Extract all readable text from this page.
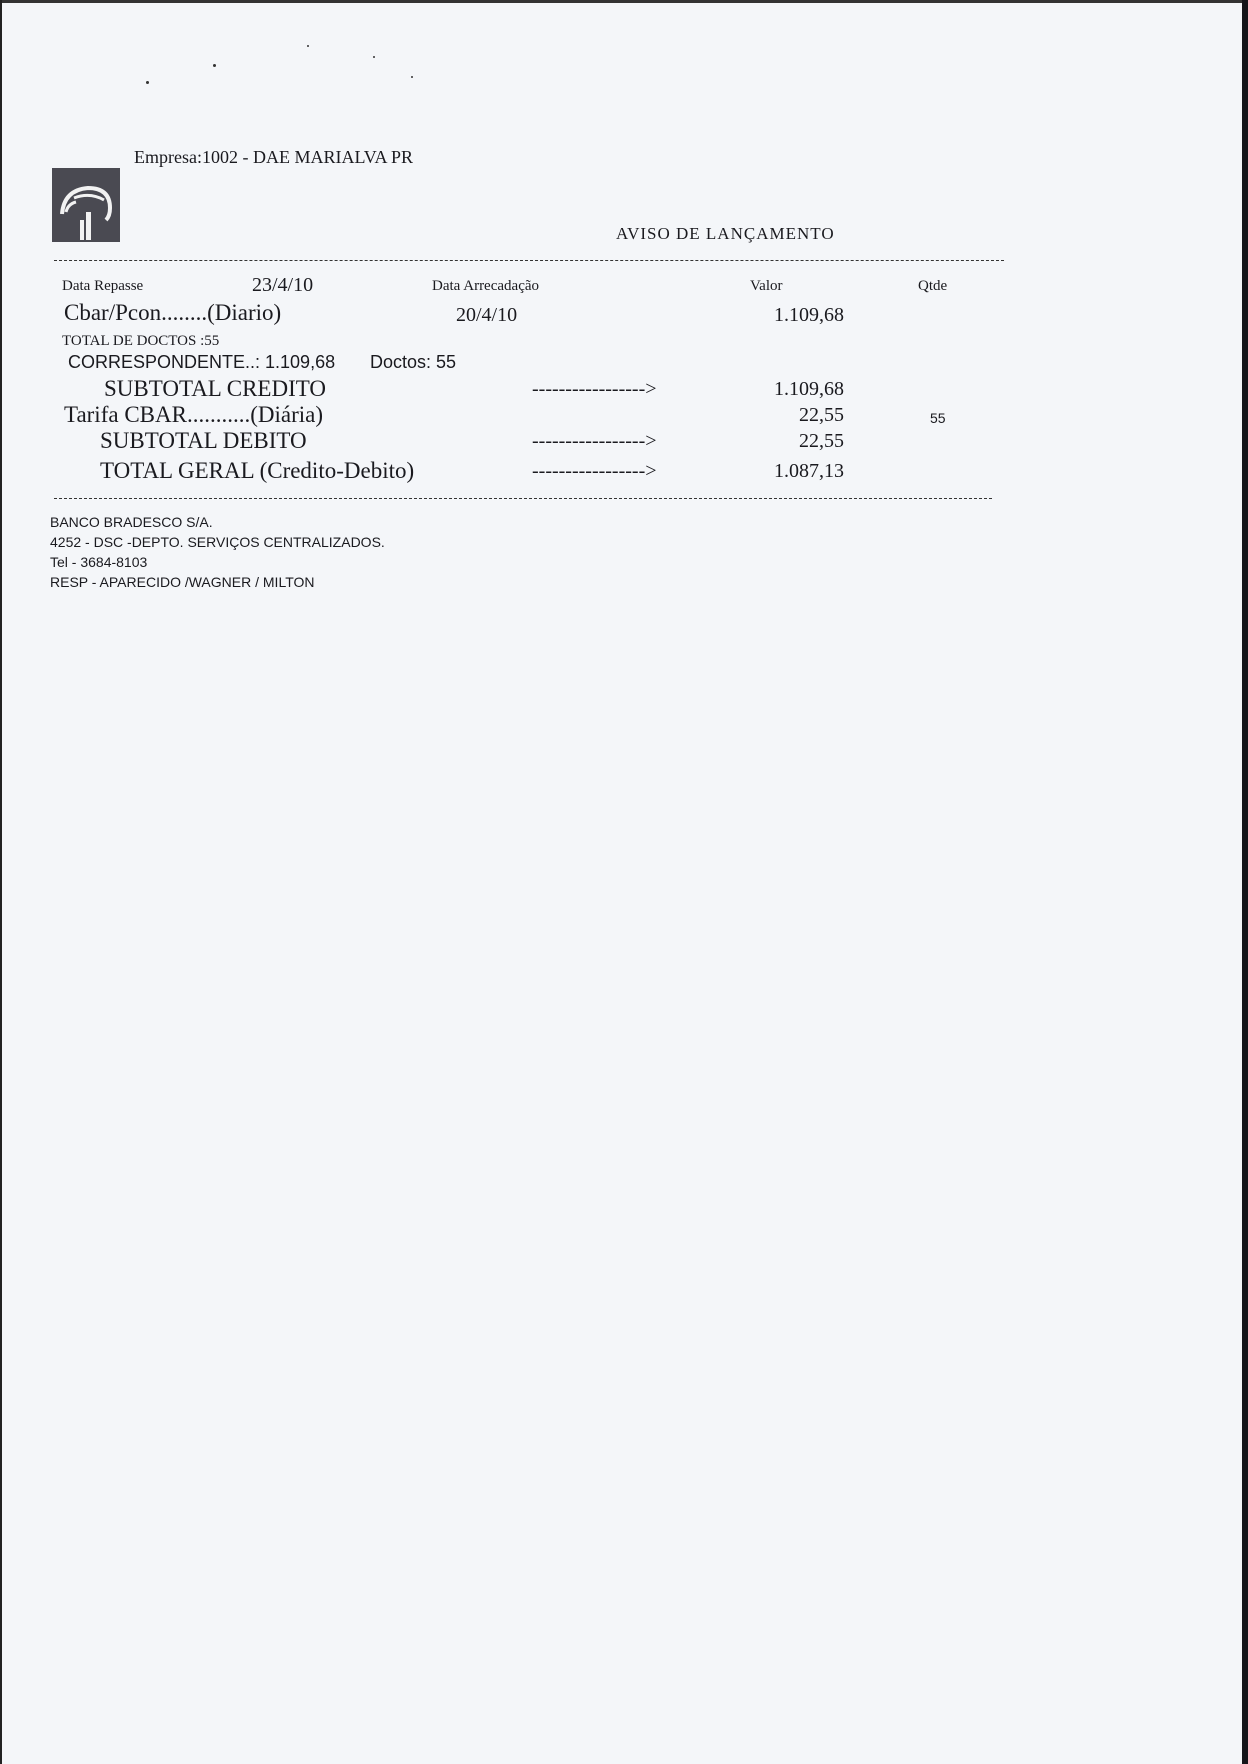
Empresa:1002 - DAE MARIALVA PR
AVISO DE LANÇAMENTO
Data Repasse	23/4/10	Data Arrecadação	Valor	Qtde
Cbar/Pcon........(Diario)	20/4/10	1.109,68
TOTAL DE DOCTOS :55
CORRESPONDENTE..: 1.109,68 Doctos: 55
SUBTOTAL CREDITO	----------------->	1.109,68
Tarifa CBAR...........(Diária)	22,55	55
SUBTOTAL DEBITO	----------------->	22,55
TOTAL GERAL (Credito-Debito)	----------------->	1.087,13
BANCO BRADESCO S/A.
4252 - DSC -DEPTO. SERVIÇOS CENTRALIZADOS.
Tel - 3684-8103
RESP - APARECIDO /WAGNER / MILTON
